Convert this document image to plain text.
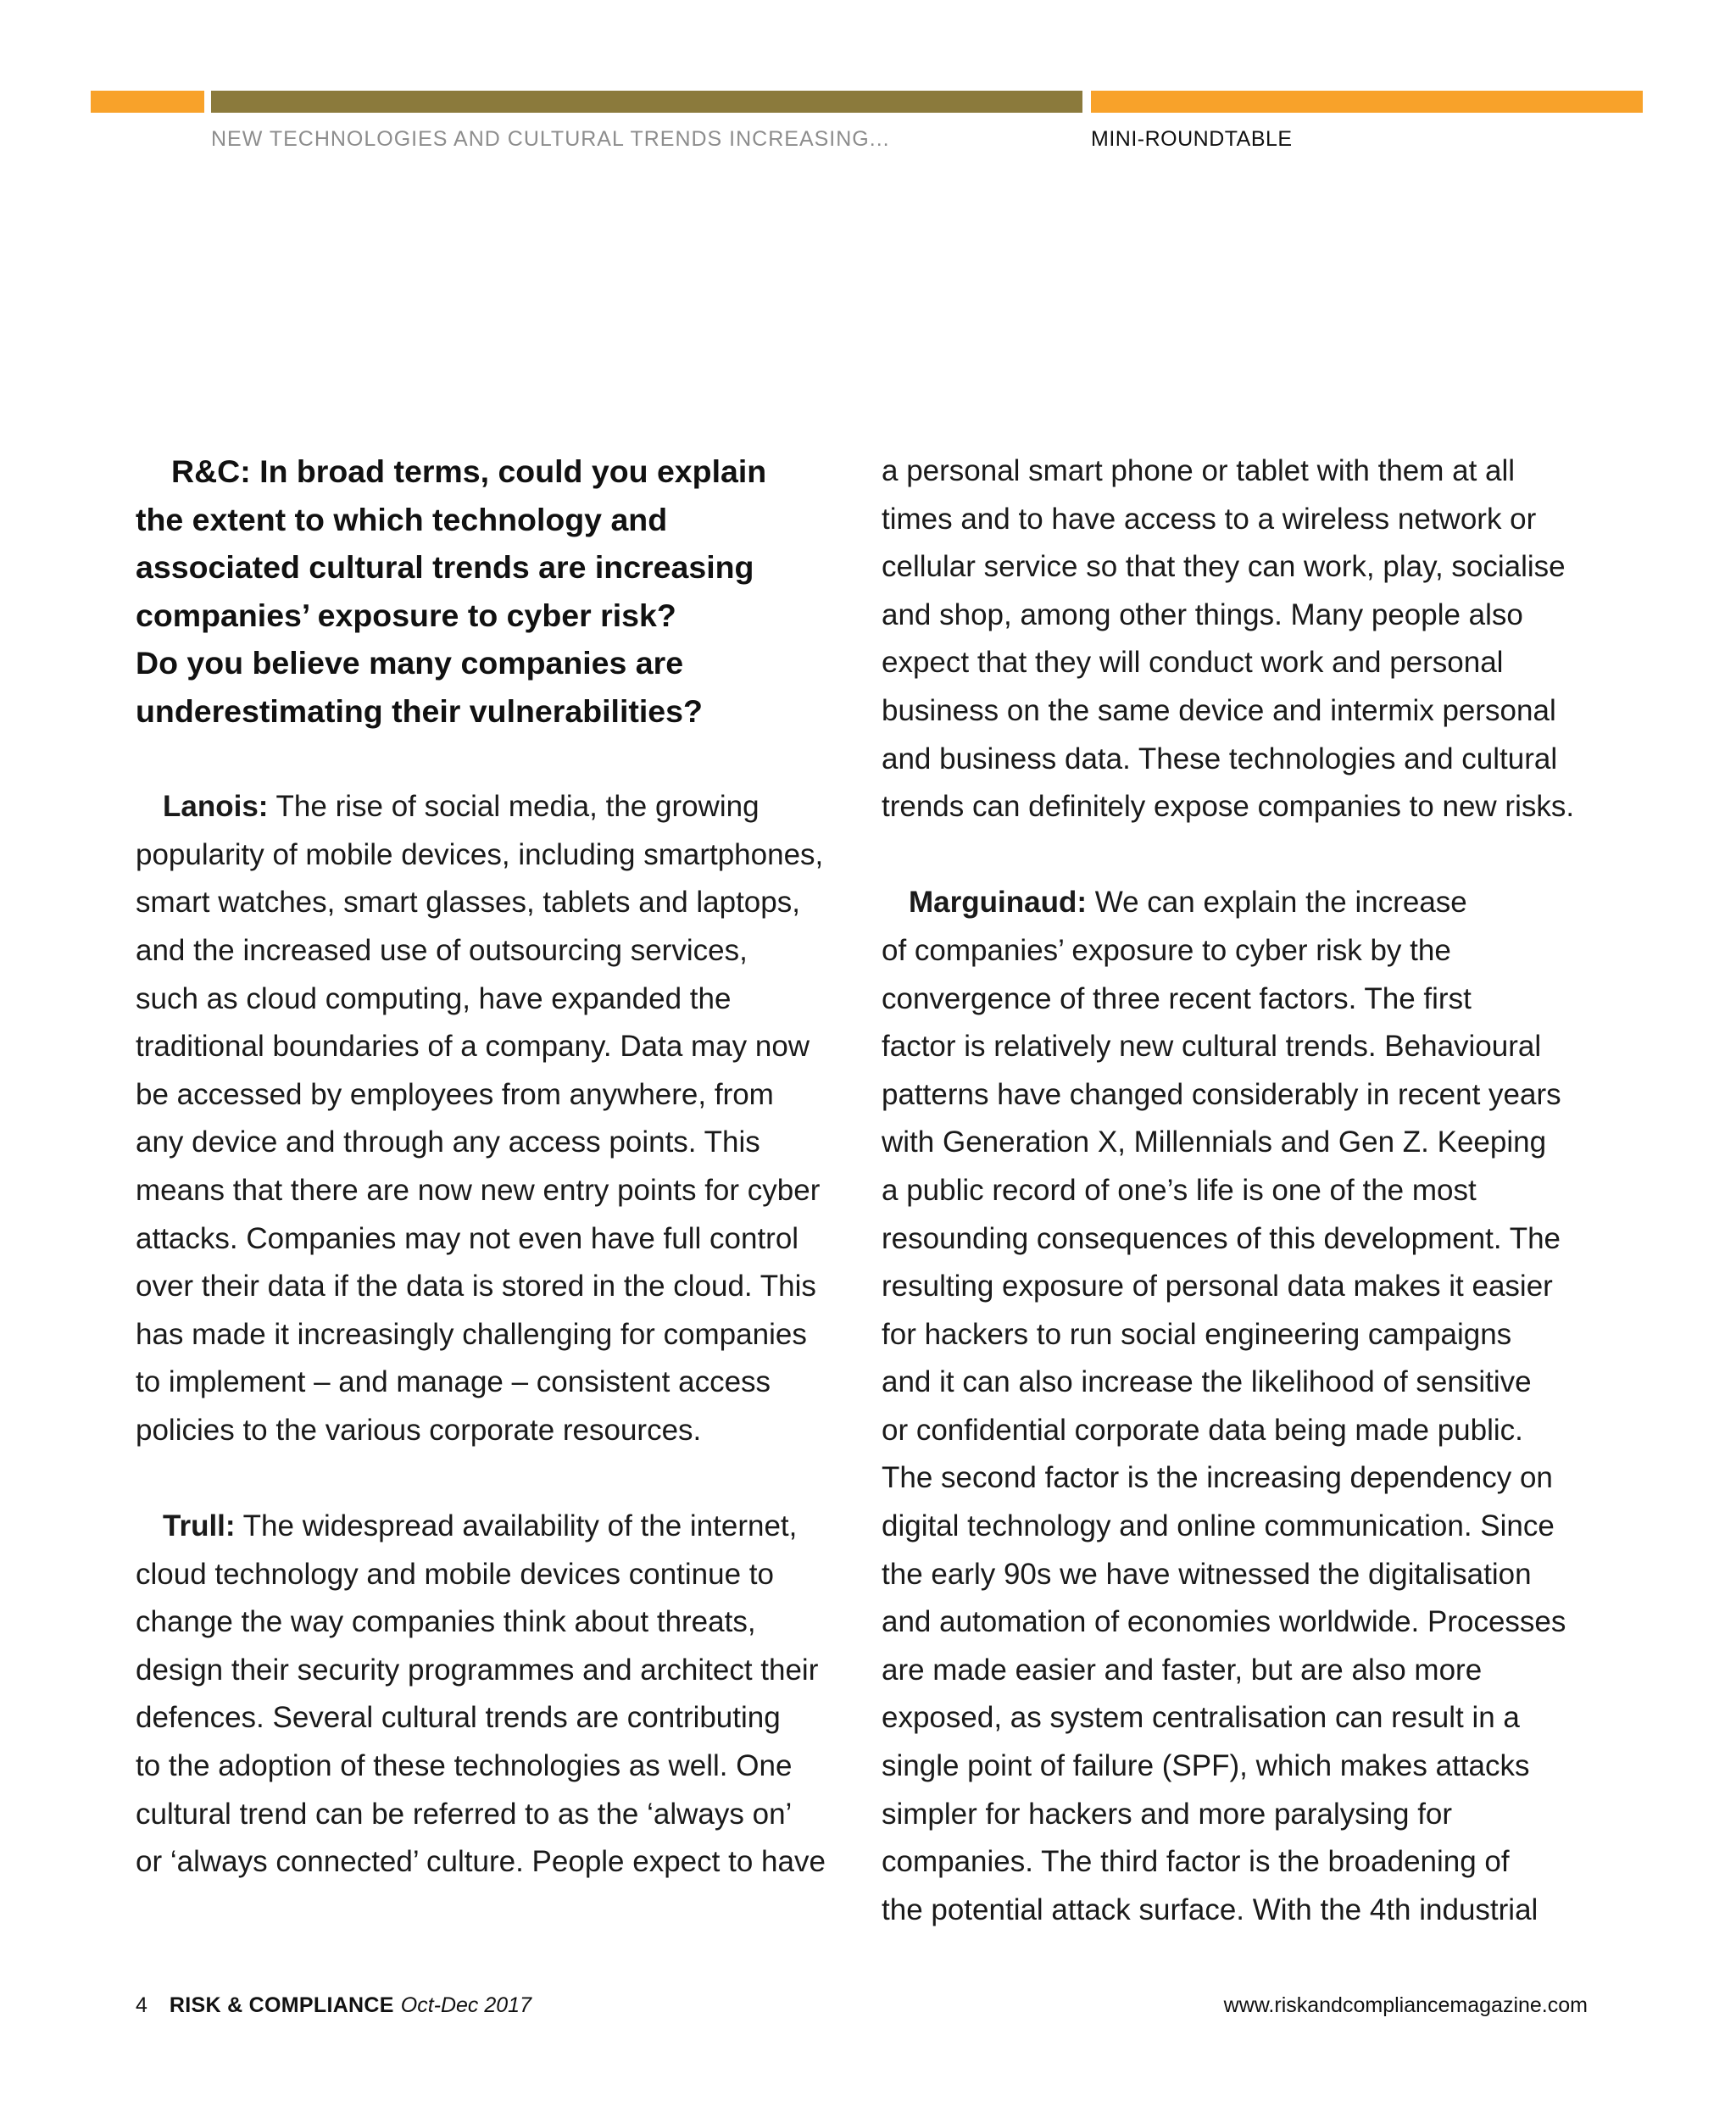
NEW TECHNOLOGIES AND CULTURAL TRENDS INCREASING...	MINI-ROUNDTABLE

R&C: In broad terms, could you explain
the extent to which technology and
associated cultural trends are increasing
companies’ exposure to cyber risk?
Do you believe many companies are
underestimating their vulnerabilities?

Lanois: The rise of social media, the growing
popularity of mobile devices, including smartphones,
smart watches, smart glasses, tablets and laptops,
and the increased use of outsourcing services,
such as cloud computing, have expanded the
traditional boundaries of a company. Data may now
be accessed by employees from anywhere, from
any device and through any access points. This
means that there are now new entry points for cyber
attacks. Companies may not even have full control
over their data if the data is stored in the cloud. This
has made it increasingly challenging for companies
to implement – and manage – consistent access
policies to the various corporate resources.

Trull: The widespread availability of the internet,
cloud technology and mobile devices continue to
change the way companies think about threats,
design their security programmes and architect their
defences. Several cultural trends are contributing
to the adoption of these technologies as well. One
cultural trend can be referred to as the ‘always on’
or ‘always connected’ culture. People expect to have

a personal smart phone or tablet with them at all
times and to have access to a wireless network or
cellular service so that they can work, play, socialise
and shop, among other things. Many people also
expect that they will conduct work and personal
business on the same device and intermix personal
and business data. These technologies and cultural
trends can definitely expose companies to new risks.

Marguinaud: We can explain the increase
of companies’ exposure to cyber risk by the
convergence of three recent factors. The first
factor is relatively new cultural trends. Behavioural
patterns have changed considerably in recent years
with Generation X, Millennials and Gen Z. Keeping
a public record of one’s life is one of the most
resounding consequences of this development. The
resulting exposure of personal data makes it easier
for hackers to run social engineering campaigns
and it can also increase the likelihood of sensitive
or confidential corporate data being made public.
The second factor is the increasing dependency on
digital technology and online communication. Since
the early 90s we have witnessed the digitalisation
and automation of economies worldwide. Processes
are made easier and faster, but are also more
exposed, as system centralisation can result in a
single point of failure (SPF), which makes attacks
simpler for hackers and more paralysing for
companies. The third factor is the broadening of
the potential attack surface. With the 4th industrial

4 RISK & COMPLIANCE Oct-Dec 2017	www.riskandcompliancemagazine.com
